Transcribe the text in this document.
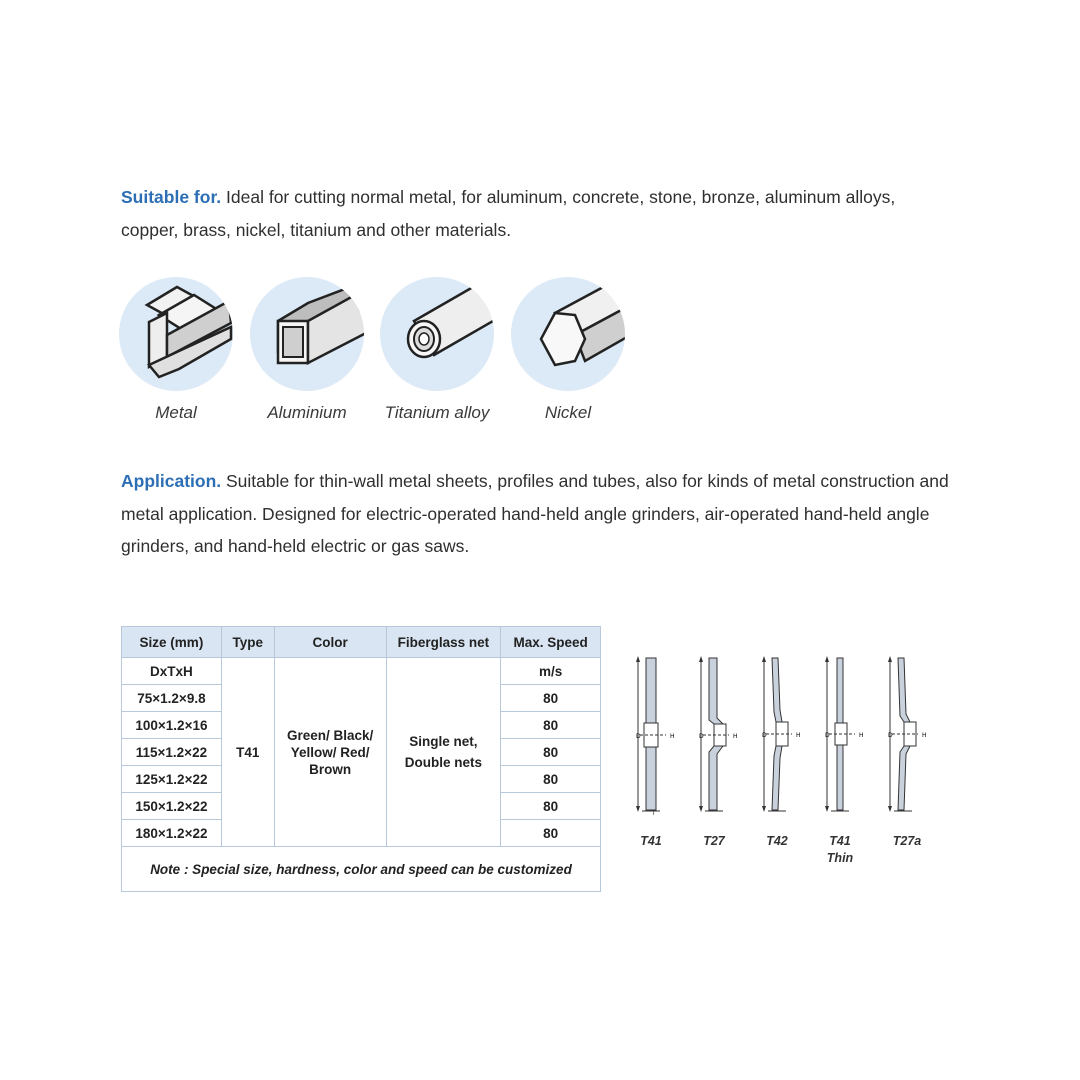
Suitable for. Ideal for cutting normal metal, for aluminum, concrete, stone, bronze, aluminum alloys, copper, brass, nickel, titanium and other materials.
Metal	Aluminium	Titanium alloy	Nickel
Application. Suitable for thin-wall metal sheets, profiles and tubes, also for kinds of metal construction and metal application. Designed for electric-operated hand-held angle grinders, air-operated hand-held angle grinders, and hand-held electric or gas saws.
Size (mm)	Type	Color	Fiberglass net	Max. Speed
DxTxH	T41	Green/ Black/ Yellow/ Red/ Brown	Single net, Double nets	m/s
75×1.2×9.8				80
100×1.2×16				80
115×1.2×22				80
125×1.2×22				80
150×1.2×22				80
180×1.2×22				80
Note : Special size, hardness, color and speed can be customized				
D	H
T
D	H	D	H	D	H	D	H
T41	T27	T42	T41
Thin
T27a
